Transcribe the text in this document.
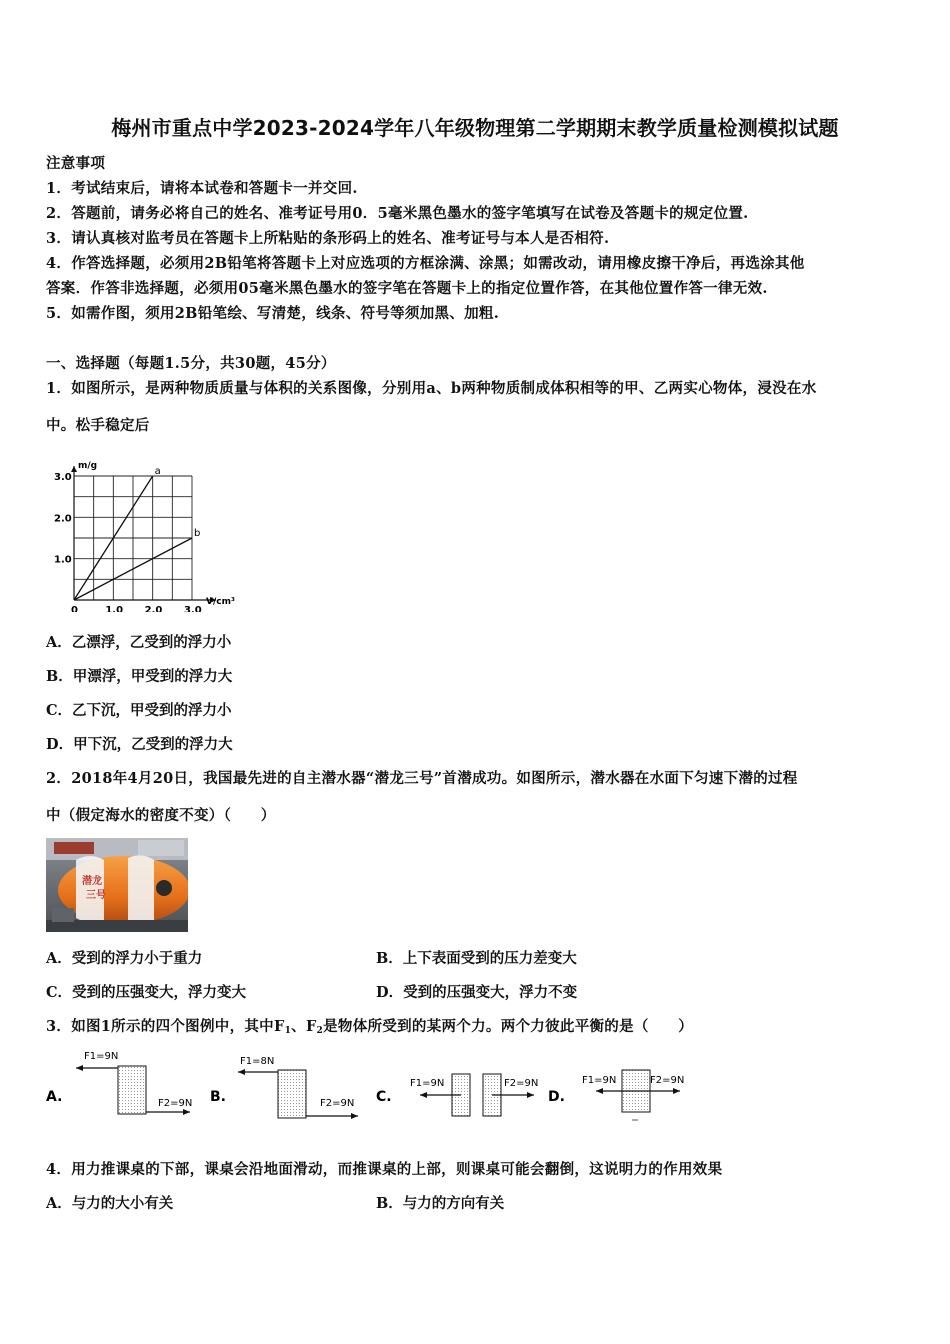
梅州市重点中学2023-2024学年八年级物理第二学期期末教学质量检测模拟试题
注意事项
1．考试结束后，请将本试卷和答题卡一并交回.
2．答题前，请务必将自己的姓名、准考证号用0．5毫米黑色墨水的签字笔填写在试卷及答题卡的规定位置.
3．请认真核对监考员在答题卡上所粘贴的条形码上的姓名、准考证号与本人是否相符.
4．作答选择题，必须用2B铅笔将答题卡上对应选项的方框涂满、涂黑；如需改动，请用橡皮擦干净后，再选涂其他
答案．作答非选择题，必须用05毫米黑色墨水的签字笔在答题卡上的指定位置作答，在其他位置作答一律无效.
5．如需作图，须用2B铅笔绘、写清楚，线条、符号等须加黑、加粗.
一、选择题（每题1.5分，共30题，45分）
1．如图所示，是两种物质质量与体积的关系图像，分别用a、b两种物质制成体积相等的甲、乙两实心物体，浸没在水
中。松手稳定后
a
b
0	1.0 2.0 3.0
1.0
2.0
3.0
m/g
V/cm³
A．乙漂浮，乙受到的浮力小
B．甲漂浮，甲受到的浮力大
C．乙下沉，甲受到的浮力小
D．甲下沉，乙受到的浮力大
2．2018年4月20日，我国最先进的自主潜水器“潜龙三号”首潜成功。如图所示，潜水器在水面下匀速下潜的过程
中（假定海水的密度不变）（　　）
潜龙
三号
A．受到的浮力小于重力	B．上下表面受到的压力差变大
C．受到的压强变大，浮力变大	D．受到的压强变大，浮力不变
3．如图1所示的四个图例中，其中$F_1$、$F_2$是物体所受到的某两个力。两个力彼此平衡的是（　　）
A.
F1=9N
F2=9N B.
F1=8N
F2=9N C.
F1=9N	F2=9N
D.
F1=9N	F2=9N
4．用力推课桌的下部，课桌会沿地面滑动，而推课桌的上部，则课桌可能会翻倒，这说明力的作用效果
A．与力的大小有关	B．与力的方向有关
